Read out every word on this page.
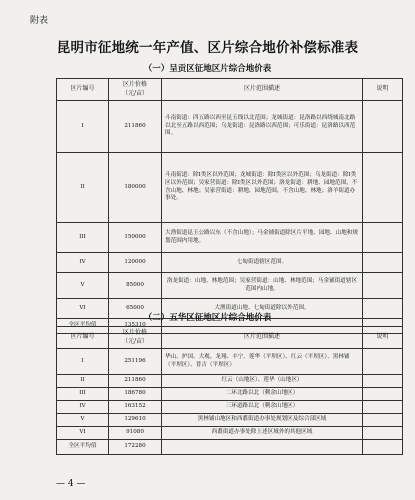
附表
昆明市征地统一年产值、区片综合地价补偿标准表
（一）呈贡区征地区片综合地价表
区片编号	区片价格
（元/亩）	区片范围描述	说明
I	211860	斗南街道：四五路以西至昆玉线以北范围；龙城街道：昆洛路以西绕城南北路以北至五路以西范围；乌龙街道：昆洛路以西范围；可乐街道：昆洛路以西范围。	
II	180000	斗南街道：除I类区以外范围；龙城街道：除I类区以外范围；乌龙街道：除I类区以外范围；吴家营街道：除I类区以外范围；洛龙街道：耕地、园地范围，不含山地、林地；吴家营街道：耕地、园地范围，不含山地、林地；洛羊街道办事处。	
III	150000	大渔街道昆玉公路以东（不含山地）；马金铺街道除区片平地、园地、山地和规划范围内用地。	
IV	120000	七甸街道辖区范围。	
V	85000	洛龙街道：山地、林地范围；吴家营街道：山地、林地范围；马金铺街道辖区范围内山地。	
VI	65000	大渔街道山地、七甸街道除以外范围。	
全区平均值	135310		
（二）五华区征地区片综合地价表
区片编号	区片价格
（元/亩）	区片范围描述	说明
I	251196	华山、护国、大观、龙翔、丰宁、莲华（平坝区）、红云（平坝区）、黑林铺（平坝区）、普吉（平坝区）	
II	211860	红云（山地区）、莲华（山地区）	
III	186780	二环北路以北（剩余山地区）	
IV	163152	三环道路以北（剩余山地区）	
V	129610	黑林铺山地区和西翥街道办事处规划区及综合部区域	
VI	91080	西翥街道办事处除上述区域外的其他区域	
全区平均值	172280		
— 4 —
